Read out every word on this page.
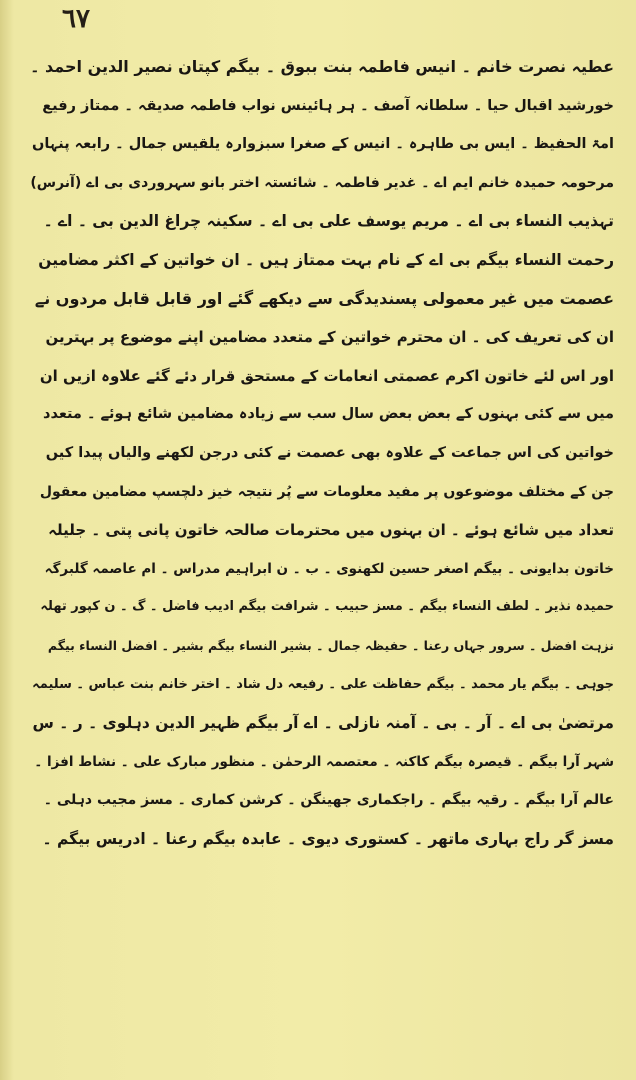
٦٧
عطیہ نصرت خانم ۔ انیس فاطمہ بنت ببوق ۔ بیگم کپتان نصیر الدین احمد ۔
خورشید اقبال حیا ۔ سلطانہ آصف ۔ ہر ہائینس نواب فاطمہ صدیقہ ۔ ممتاز رفیع
امۃ الحفیظ ۔ ایس بی طاہرہ ۔ انیس کے صغرا سبزوارہ یلقیس جمال ۔ رابعہ پنہاں
مرحومہ حمیدہ خانم ایم اے ۔ غدیر فاطمہ ۔ شائستہ اختر بانو سہروردی بی اے (آنرس)
تہذیب النساء بی اے ۔ مریم یوسف علی بی اے ۔ سکینہ چراغ الدین بی ۔ اے ۔
رحمت النساء بیگم بی اے کے نام بہت ممتاز ہیں ۔ ان خواتین کے اکثر مضامین
عصمت میں غیر معمولی پسندیدگی سے دیکھے گئے اور قابل قابل مردوں نے
ان کی تعریف کی ۔ ان محترم خواتین کے متعدد مضامین اپنے موضوع پر بہترین
اور اس لئے خاتون اکرم عصمتی انعامات کے مستحق قرار دئے گئے علاوہ ازیں ان
میں سے کئی بہنوں کے بعض بعض سال سب سے زیادہ مضامین شائع ہوئے ۔ متعدد
خواتین کی اس جماعت کے علاوہ بھی عصمت نے کئی درجن لکھنے والیاں پیدا کیں
جن کے مختلف موضوعوں پر مفید معلومات سے پُر نتیجہ خیز دلچسپ مضامین معقول
تعداد میں شائع ہوئے ۔ ان بہنوں میں محترمات صالحہ خاتون پانی پتی ۔ جلیلہ
خاتون بدایونی ۔ بیگم اصغر حسین لکھنوی ۔ ب ۔ ن ابراہیم مدراس ۔ ام عاصمہ گلبرگہ
حمیدہ نذیر ۔ لطف النساء بیگم ۔ مسز حبیب ۔ شرافت بیگم ادیب فاضل ۔ گ ۔ ن کپور تھلہ
نزہت افضل ۔ سرور جہاں رعنا ۔ حفیظہ جمال ۔ بشیر النساء بیگم بشیر ۔ افضل النساء بیگم
جوہی ۔ بیگم یار محمد ۔ بیگم حفاظت علی ۔ رفیعہ دل شاد ۔ اختر خانم بنت عباس ۔ سلیمہ
مرتضیٰ بی اے ۔ آر ۔ بی ۔ آمنہ نازلی ۔ اے آر بیگم ظہیر الدین دہلوی ۔ ر ۔ س
شہر آرا بیگم ۔ قیصرہ بیگم کاکنہ ۔ معتصمہ الرحمٰن ۔ منظور مبارک علی ۔ نشاط افزا ۔
عالم آرا بیگم ۔ رقیہ بیگم ۔ راجکماری جھینگن ۔ کرشن کماری ۔ مسز مجیب دہلی ۔
مسز گر راج بہاری ماتھر ۔ کستوری دیوی ۔ عابدہ بیگم رعنا ۔ ادریس بیگم ۔
